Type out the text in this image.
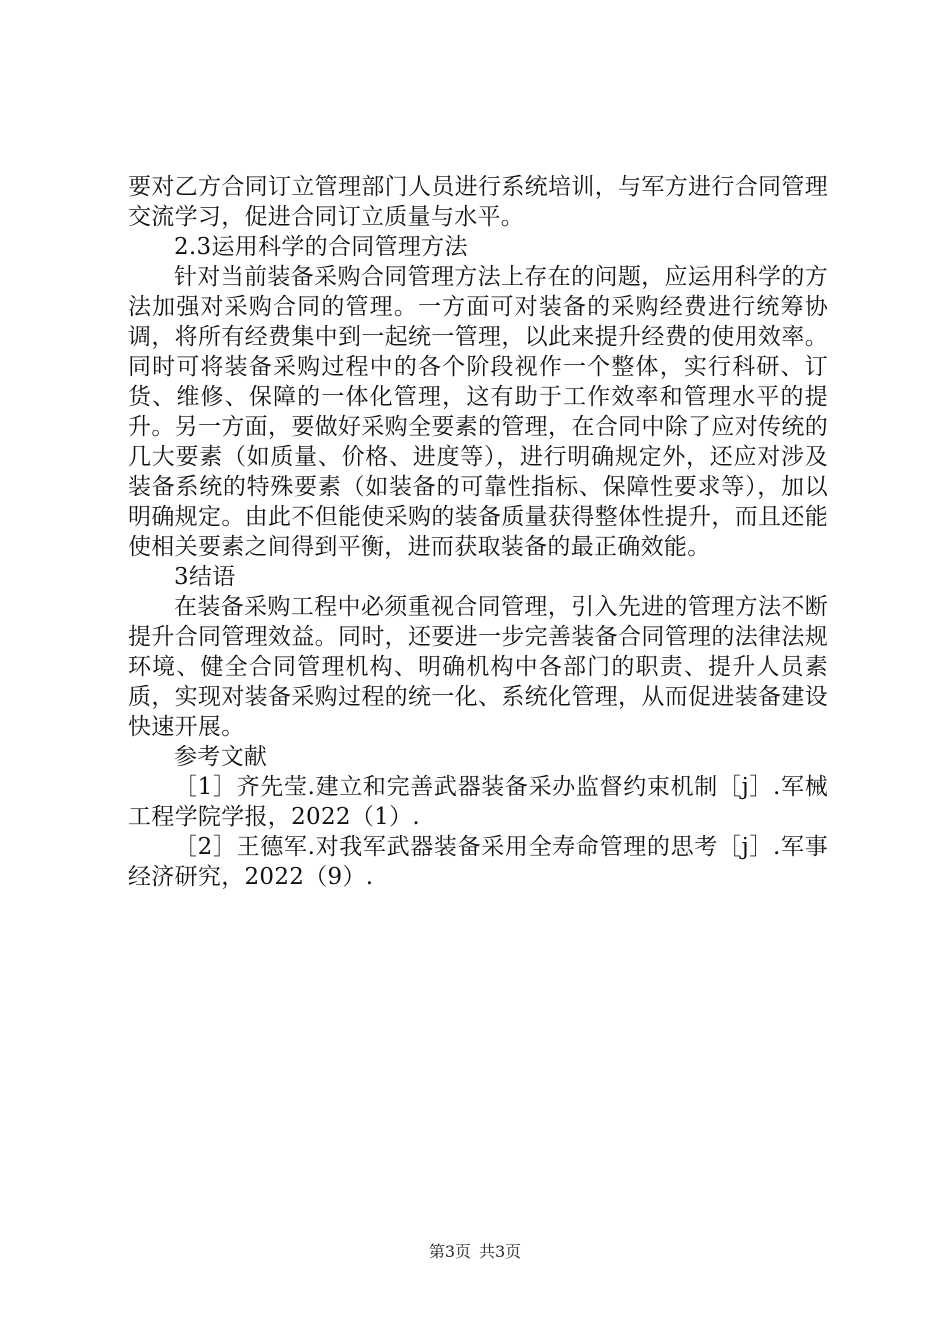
要对乙方合同订立管理部门人员进行系统培训，与军方进行合同管理交流学习，促进合同订立质量与水平。

2.3运用科学的合同管理方法

针对当前装备采购合同管理方法上存在的问题，应运用科学的方法加强对采购合同的管理。一方面可对装备的采购经费进行统筹协调，将所有经费集中到一起统一管理，以此来提升经费的使用效率。同时可将装备采购过程中的各个阶段视作一个整体，实行科研、订货、维修、保障的一体化管理，这有助于工作效率和管理水平的提升。另一方面，要做好采购全要素的管理，在合同中除了应对传统的几大要素（如质量、价格、进度等），进行明确规定外，还应对涉及装备系统的特殊要素（如装备的可靠性指标、保障性要求等），加以明确规定。由此不但能使采购的装备质量获得整体性提升，而且还能使相关要素之间得到平衡，进而获取装备的最正确效能。

3结语

在装备采购工程中必须重视合同管理，引入先进的管理方法不断提升合同管理效益。同时，还要进一步完善装备合同管理的法律法规环境、健全合同管理机构、明确机构中各部门的职责、提升人员素质，实现对装备采购过程的统一化、系统化管理，从而促进装备建设快速开展。

参考文献

［1］齐先莹.建立和完善武器装备采办监督约束机制［j］.军械工程学院学报，2022（1）.

［2］王德军.对我军武器装备采用全寿命管理的思考［j］.军事经济研究，2022（9）.

第3页 共3页
